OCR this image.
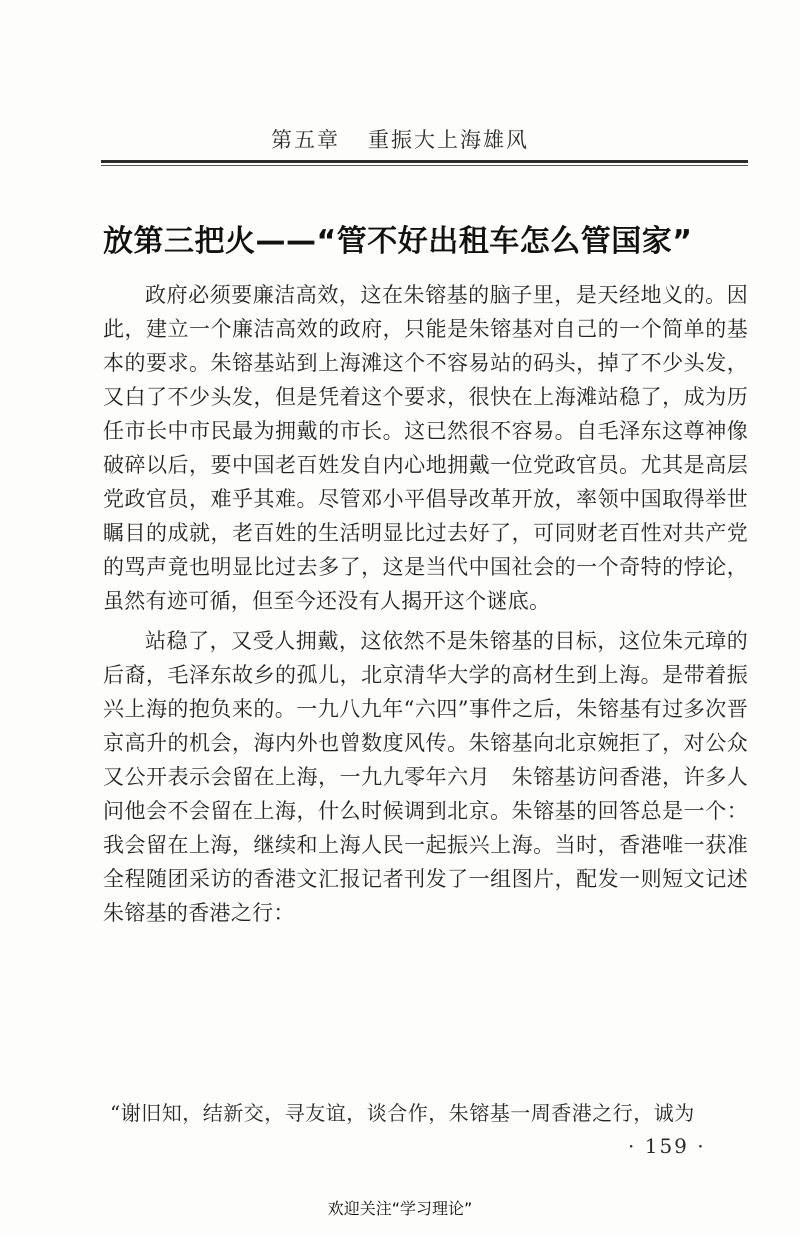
第五章 重振大上海雄风
放第三把火——“管不好出租车怎么管国家”

政府必须要廉洁高效，这在朱镕基的脑子里，是天经地义的。因此，建立一个廉洁高效的政府，只能是朱镕基对自己的一个简单的基本的要求。朱镕基站到上海滩这个不容易站的码头，掉了不少头发，又白了不少头发，但是凭着这个要求，很快在上海滩站稳了，成为历任市长中市民最为拥戴的市长。这已然很不容易。自毛泽东这尊神像破碎以后，要中国老百姓发自内心地拥戴一位党政官员。尤其是高层党政官员，难乎其难。尽管邓小平倡导改革开放，率领中国取得举世瞩目的成就，老百姓的生活明显比过去好了，可同财老百性对共产党的骂声竟也明显比过去多了，这是当代中国社会的一个奇特的悖论，虽然有迹可循，但至今还没有人揭开这个谜底。

站稳了，又受人拥戴，这依然不是朱镕基的目标，这位朱元璋的后裔，毛泽东故乡的孤儿，北京清华大学的高材生到上海。是带着振兴上海的抱负来的。一九八九年“六四”事件之后，朱镕基有过多次晋京高升的机会，海内外也曾数度风传。朱镕基向北京婉拒了，对公众又公开表示会留在上海，一九九零年六月　朱镕基访问香港，许多人问他会不会留在上海，什么时候调到北京。朱镕基的回答总是一个：我会留在上海，继续和上海人民一起振兴上海。当时，香港唯一获准全程随团采访的香港文汇报记者刊发了一组图片，配发一则短文记述朱镕基的香港之行：

“谢旧知，结新交，寻友谊，谈合作，朱镕基一周香港之行，诚为
· 159 ·
欢迎关注“学习理论”
